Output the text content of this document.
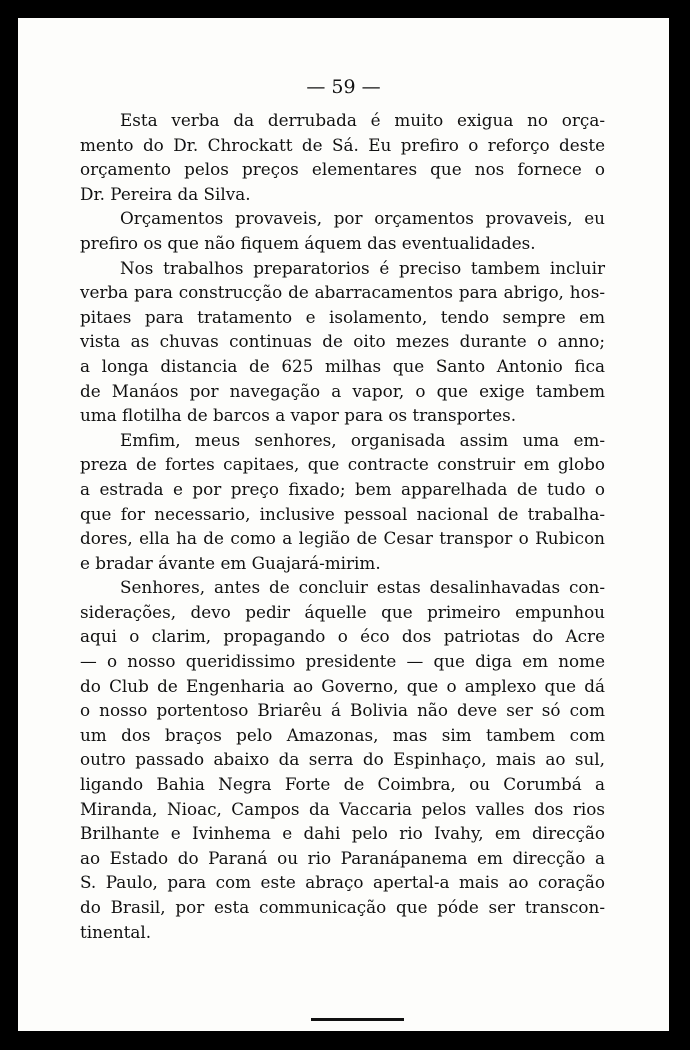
— 59 —

Esta verba da derrubada é muito exigua no orça-
mento do Dr. Chrockatt de Sá. Eu prefiro o reforço deste
orçamento pelos preços elementares que nos fornece o
Dr. Pereira da Silva.

Orçamentos provaveis, por orçamentos provaveis, eu
prefiro os que não fiquem áquem das eventualidades.

Nos trabalhos preparatorios é preciso tambem incluir
verba para construcção de abarracamentos para abrigo, hos-
pitaes para tratamento e isolamento, tendo sempre em
vista as chuvas continuas de oito mezes durante o anno;
a longa distancia de 625 milhas que Santo Antonio fica
de Manáos por navegação a vapor, o que exige tambem
uma flotilha de barcos a vapor para os transportes.

Emfim, meus senhores, organisada assim uma em-
preza de fortes capitaes, que contracte construir em globo
a estrada e por preço fixado; bem apparelhada de tudo o
que for necessario, inclusive pessoal nacional de trabalha-
dores, ella ha de como a legião de Cesar transpor o Rubicon
e bradar ávante em Guajará-mirim.

Senhores, antes de concluir estas desalinhavadas con-
siderações, devo pedir áquelle que primeiro empunhou
aqui o clarim, propagando o éco dos patriotas do Acre
— o nosso queridissimo presidente — que diga em nome
do Club de Engenharia ao Governo, que o amplexo que dá
o nosso portentoso Briarêu á Bolivia não deve ser só com
um dos braços pelo Amazonas, mas sim tambem com
outro passado abaixo da serra do Espinhaço, mais ao sul,
ligando Bahia Negra Forte de Coimbra, ou Corumbá a
Miranda, Nioac, Campos da Vaccaria pelos valles dos rios
Brilhante e Ivinhema e dahi pelo rio Ivahy, em direcção
ao Estado do Paraná ou rio Paranápanema em direcção a
S. Paulo, para com este abraço apertal-a mais ao coração
do Brasil, por esta communicação que póde ser transcon-
tinental.
